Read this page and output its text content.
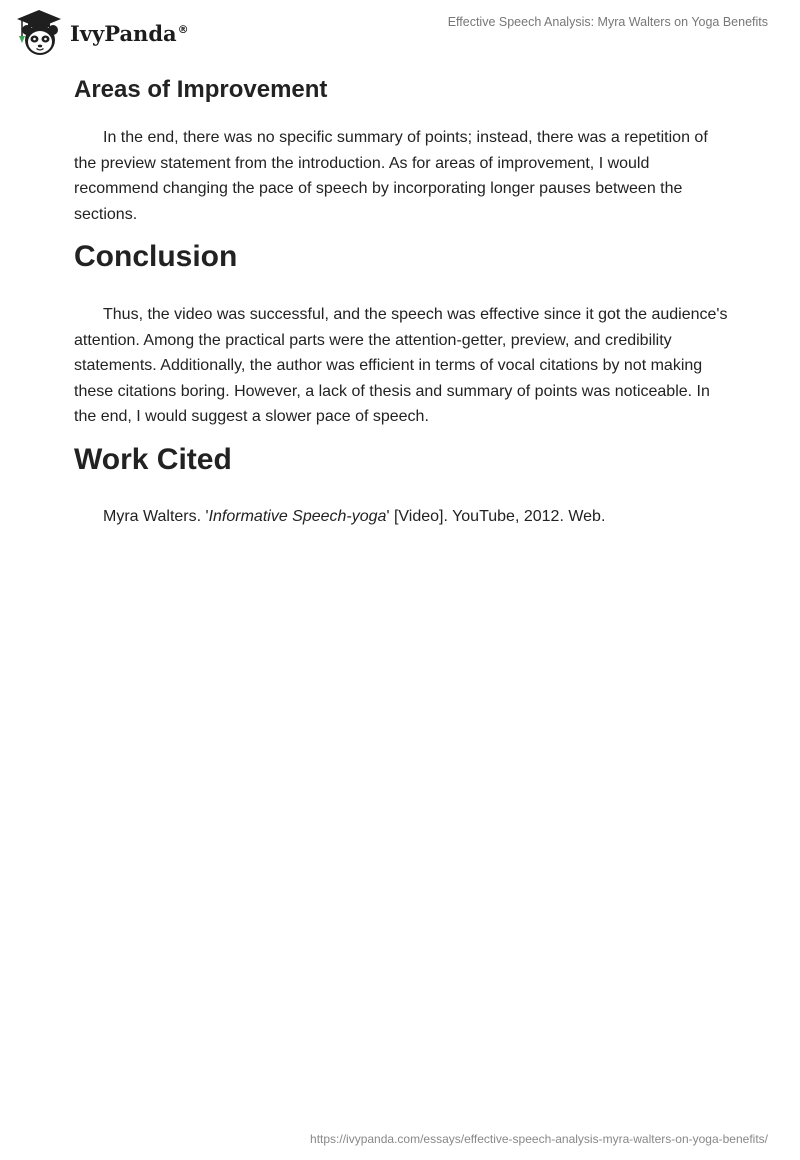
IvyPanda®	Effective Speech Analysis: Myra Walters on Yoga Benefits
Areas of Improvement

In the end, there was no specific summary of points; instead, there was a repetition of the preview statement from the introduction. As for areas of improvement, I would recommend changing the pace of speech by incorporating longer pauses between the sections.

Conclusion

Thus, the video was successful, and the speech was effective since it got the audience's attention. Among the practical parts were the attention-getter, preview, and credibility statements. Additionally, the author was efficient in terms of vocal citations by not making these citations boring. However, a lack of thesis and summary of points was noticeable. In the end, I would suggest a slower pace of speech.

Work Cited

Myra Walters. 'Informative Speech-yoga' [Video]. YouTube, 2012. Web.

https://ivypanda.com/essays/effective-speech-analysis-myra-walters-on-yoga-benefits/
